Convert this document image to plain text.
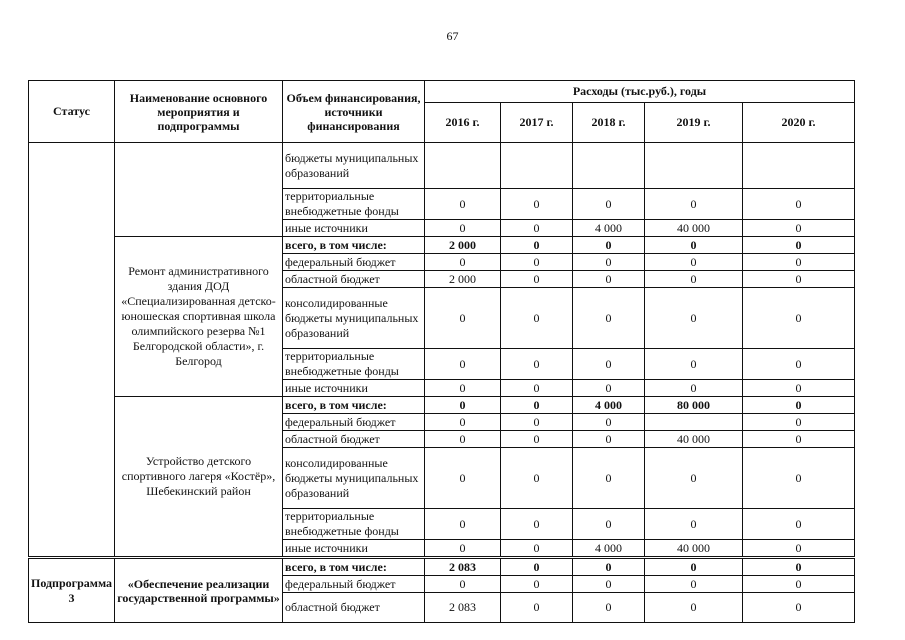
67
Статус	Наименование основного мероприятия и подпрограммы	Объем финансирования, источники финансирования	Расходы (тыс.руб.), годы				
			2016 г.	2017 г.	2018 г.	2019 г.	2020 г.
		бюджеты муниципальных образований					
		территориальные внебюджетные фонды	0	0	0	0	0
		иные источники	0	0	4 000	40 000	0
	Ремонт административного здания ДОД «Специализированная детско-юношеская спортивная школа олимпийского резерва №1 Белгородской области», г. Белгород	всего, в том числе:	2 000	0	0	0	0
		федеральный бюджет	0	0	0	0	0
		областной бюджет	2 000	0	0	0	0
		консолидированные бюджеты муниципальных образований	0	0	0	0	0
		территориальные внебюджетные фонды	0	0	0	0	0
		иные источники	0	0	0	0	0
	Устройство детского спортивного лагеря «Костёр», Шебекинский район	всего, в том числе:	0	0	4 000	80 000	0
		федеральный бюджет	0	0	0		0
		областной бюджет	0	0	0	40 000	0
		консолидированные бюджеты муниципальных образований	0	0	0	0	0
		территориальные внебюджетные фонды	0	0	0	0	0
		иные источники	0	0	4 000	40 000	0
Подпрограмма 3	«Обеспечение реализации государственной программы»	всего, в том числе:	2 083	0	0	0	0
		федеральный бюджет	0	0	0	0	0
		областной бюджет	2 083	0	0	0	0
